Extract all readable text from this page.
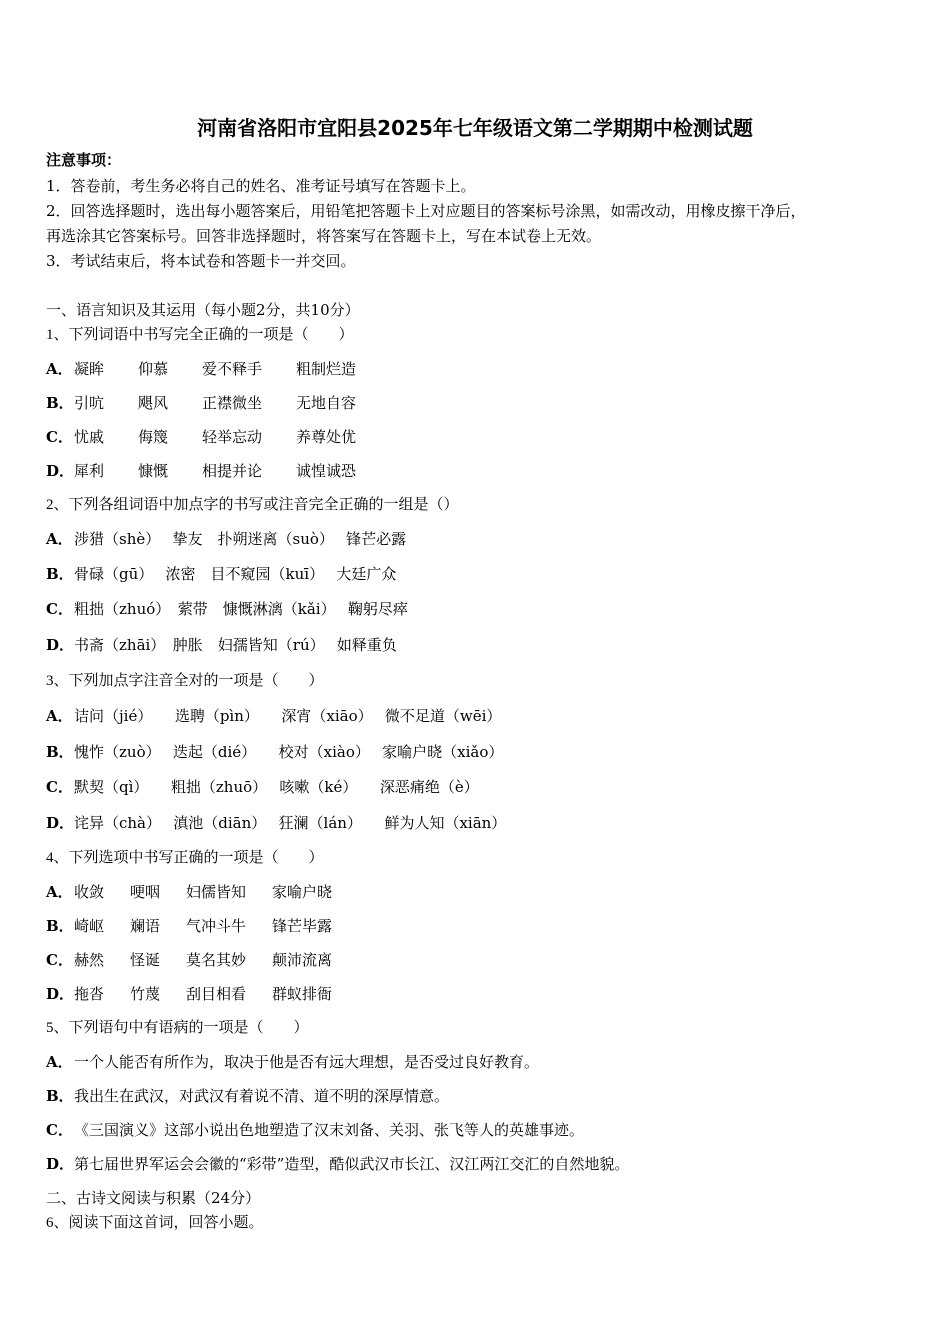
河南省洛阳市宜阳县2025年七年级语文第二学期期中检测试题
注意事项：
1．答卷前，考生务必将自己的姓名、准考证号填写在答题卡上。
2．回答选择题时，选出每小题答案后，用铅笔把答题卡上对应题目的答案标号涂黑，如需改动，用橡皮擦干净后，
再选涂其它答案标号。回答非选择题时，将答案写在答题卡上，写在本试卷上无效。
3．考试结束后，将本试卷和答题卡一并交回。
一、语言知识及其运用（每小题2分，共10分）
1、下列词语中书写完全正确的一项是（　　）
A．凝眸 仰慕 爱不释手 粗制烂造
B．引吭 飓风 正襟微坐 无地自容
C．忧戚 侮篾 轻举忘动 养尊处优
D．犀利 慷慨 相提并论 诚惶诚恐
2、下列各组词语中加点字的书写或注音完全正确的一组是（）
A．涉猎（shè）　 挚友　扑朔迷离（suò）　 锋芒必露
B．骨碌（gū）　 浓密　目不窥园（kuī）　 大廷广众
C．粗拙（zhuó）　萦带　慷慨淋漓（kǎi）　 鞠躬尽瘁
D．书斋（zhāi）　肿胀　妇孺皆知（rú）　 如释重负
3、下列加点字注音全对的一项是（　　）
A．诘问（jié）　　选聘（pìn）　　深宵（xiāo）　 微不足道（wēi）
B．愧怍（zuò）　 迭起（dié）　　校对（xiào）　 家喻户晓（xiǎo）
C．默契（qì）　　粗拙（zhuō）　 咳嗽（ké）　　深恶痛绝（è）
D．诧异（chà）　 滇池（diān）　 狂澜（lán）　　鲜为人知（xiān）
4、下列选项中书写正确的一项是（　　）
A．收敛 哽咽 妇儒皆知 家喻户晓
B．崎岖 斓语 气冲斗牛 锋芒毕露
C．赫然 怪诞 莫名其妙 颠沛流离
D．拖沓 竹蔑 刮目相看 群蚁排衙
5、下列语句中有语病的一项是（　　）
A．一个人能否有所作为，取决于他是否有远大理想，是否受过良好教育。
B．我出生在武汉，对武汉有着说不清、道不明的深厚情意。
C．《三国演义》这部小说出色地塑造了汉末刘备、关羽、张飞等人的英雄事迹。
D．第七届世界军运会会徽的“彩带”造型，酷似武汉市长江、汉江两江交汇的自然地貌。
二、古诗文阅读与积累（24分）
6、阅读下面这首词，回答小题。
